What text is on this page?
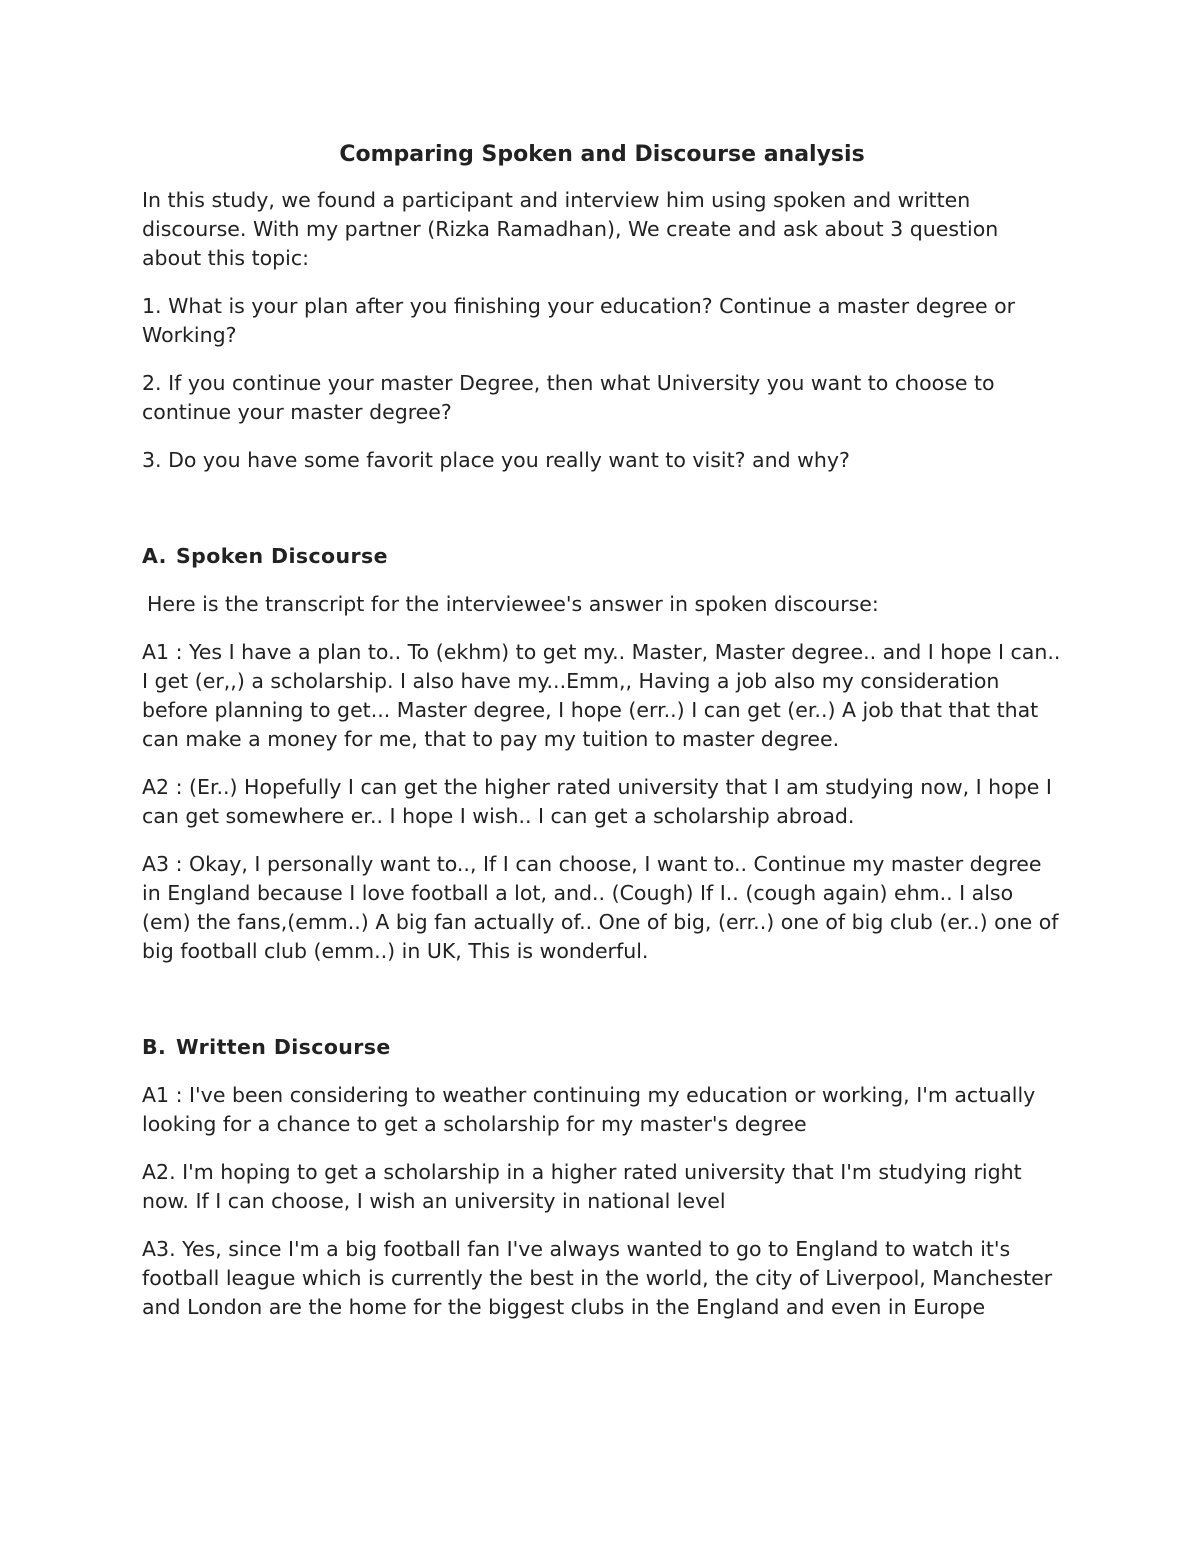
Comparing Spoken and Discourse analysis

In this study, we found a participant and interview him using spoken and written discourse. With my partner (Rizka Ramadhan), We create and ask about 3 question about this topic:

1. What is your plan after you finishing your education? Continue a master degree or Working?

2. If you continue your master Degree, then what University you want to choose to continue your master degree?

3. Do you have some favorit place you really want to visit? and why?

A. Spoken Discourse

Here is the transcript for the interviewee's answer in spoken discourse:

A1 : Yes I have a plan to.. To (ekhm) to get my.. Master, Master degree.. and I hope I can.. I get (er,,) a scholarship. I also have my...Emm,, Having a job also my consideration before planning to get... Master degree, I hope (err..) I can get (er..) A job that that that can make a money for me, that to pay my tuition to master degree.

A2 : (Er..) Hopefully I can get the higher rated university that I am studying now, I hope I can get somewhere er.. I hope I wish.. I can get a scholarship abroad.

A3 : Okay, I personally want to.., If I can choose, I want to.. Continue my master degree in England because I love football a lot, and.. (Cough) If I.. (cough again) ehm.. I also (em) the fans,(emm..) A big fan actually of.. One of big, (err..) one of big club (er..) one of big football club (emm..) in UK, This is wonderful.

B. Written Discourse

A1 : I've been considering to weather continuing my education or working, I'm actually looking for a chance to get a scholarship for my master's degree

A2. I'm hoping to get a scholarship in a higher rated university that I'm studying right now. If I can choose, I wish an university in national level

A3. Yes, since I'm a big football fan I've always wanted to go to England to watch it's football league which is currently the best in the world, the city of Liverpool, Manchester and London are the home for the biggest clubs in the England and even in Europe
